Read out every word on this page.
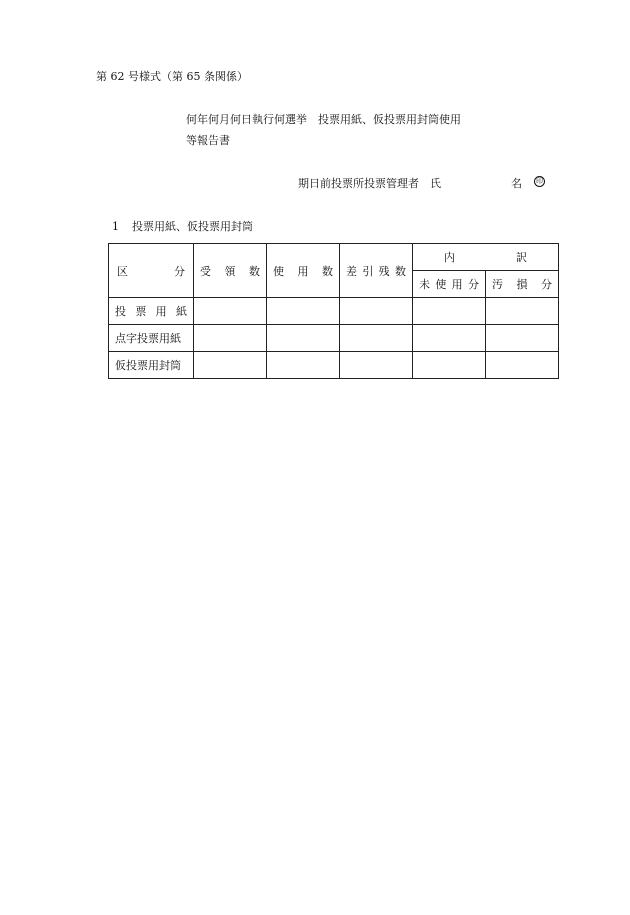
第 62 号様式（第 65 条関係）
何年何月何日執行何選挙　投票用紙、仮投票用封筒使用
等報告書
期日前投票所投票管理者　氏	名 印
1 投票用紙、仮投票用封筒
区 分	受 領 数	使 用 数	差 引 残 数	内 訳	

				未 使 用 分	汚 損 分

投 票 用 紙					

点字投票用紙					
仮投票用封筒					
